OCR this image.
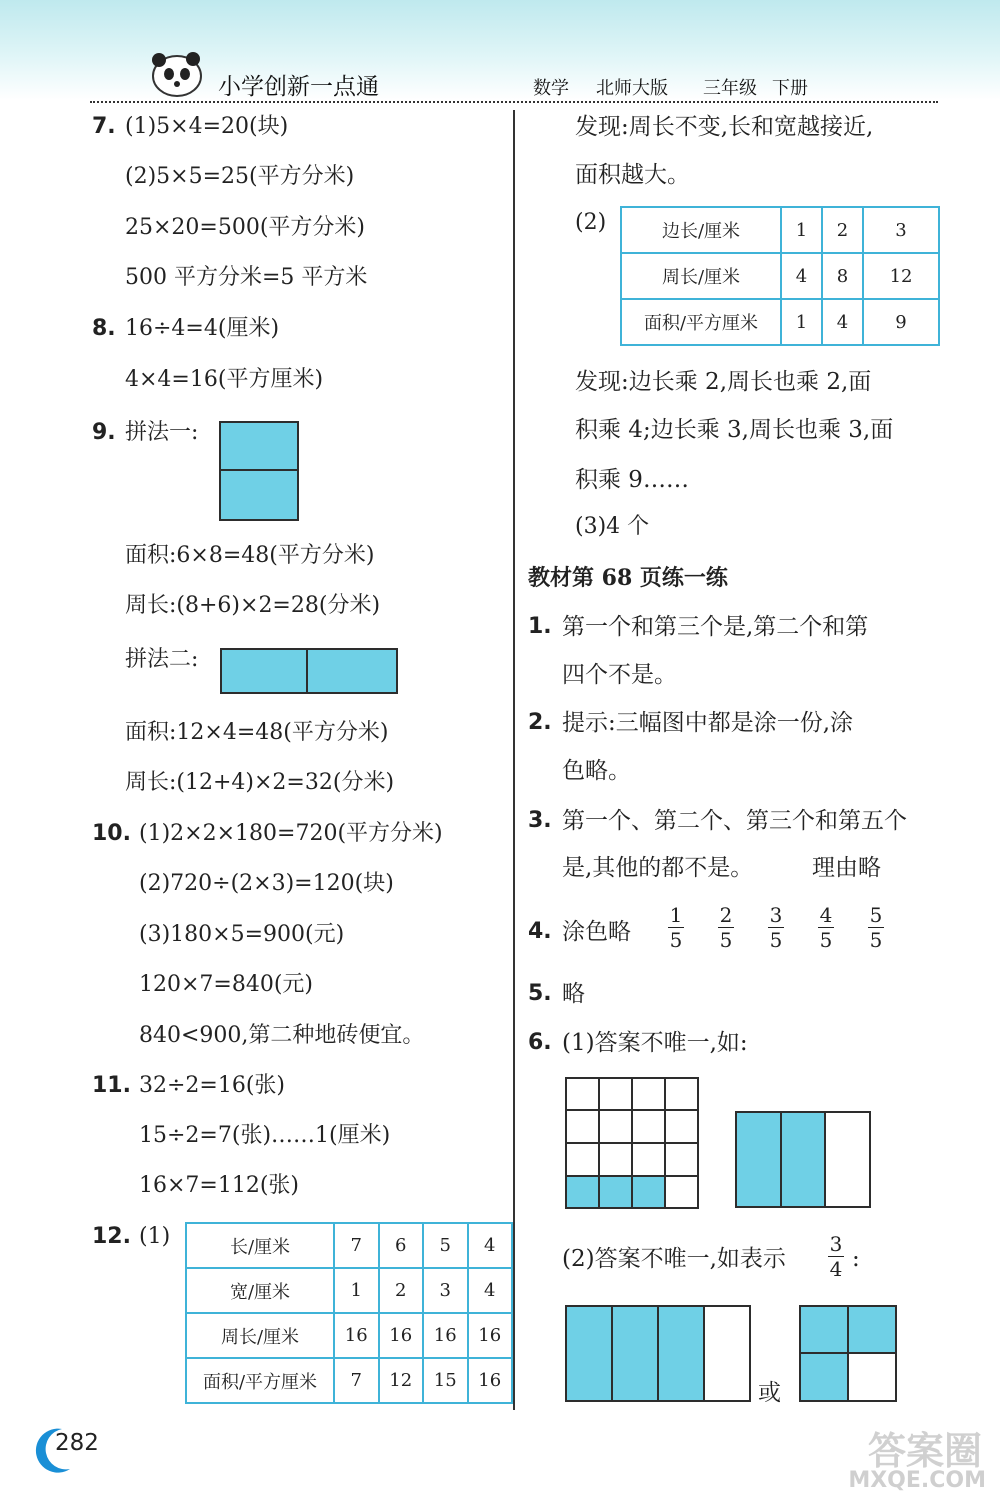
小学创新一点通	数学 北师大版 三年级 下册
7. (1)5×4=20(块)
(2)5×5=25(平方分米)
25×20=500(平方分米)
500 平方分米=5 平方米
8. 16÷4=4(厘米)
4×4=16(平方厘米)
9. 拼法一:
面积:6×8=48(平方分米)
周长:(8+6)×2=28(分米)
拼法二:
面积:12×4=48(平方分米)
周长:(12+4)×2=32(分米)
10. (1)2×2×180=720(平方分米)
(2)720÷(2×3)=120(块)
(3)180×5=900(元)
120×7=840(元)
840<900,第二种地砖便宜。
11. 32÷2=16(张)
15÷2=7(张)……1(厘米)
16×7=112(张)
12. (1)	长/厘米	7	6	5	4
宽/厘米	1	2	3	4
周长/厘米	16	16	16	16
面积/平方厘米	7	12	15	16
发现:周长不变,长和宽越接近,
面积越大。
(2)	边长/厘米	1	2	3
周长/厘米	4	8	12
面积/平方厘米	1	4	9
发现:边长乘 2,周长也乘 2,面
积乘 4;边长乘 3,周长也乘 3,面
积乘 9……
(3)4 个
教材第 68 页练一练
1. 第一个和第三个是,第二个和第
四个不是。
2. 提示:三幅图中都是涂一份,涂
色略。
3. 第一个、第二个、第三个和第五个
是,其他的都不是。	理由略
4. 涂色略 $\frac{1}{5} \frac{2}{5} \frac{3}{5} \frac{4}{5} \frac{5}{5}$
5. 略
6. (1)答案不唯一,如:
(2)答案不唯一,如表示 $\frac{3}{4}$ :
或
282	答案圈
MXQE.COM
